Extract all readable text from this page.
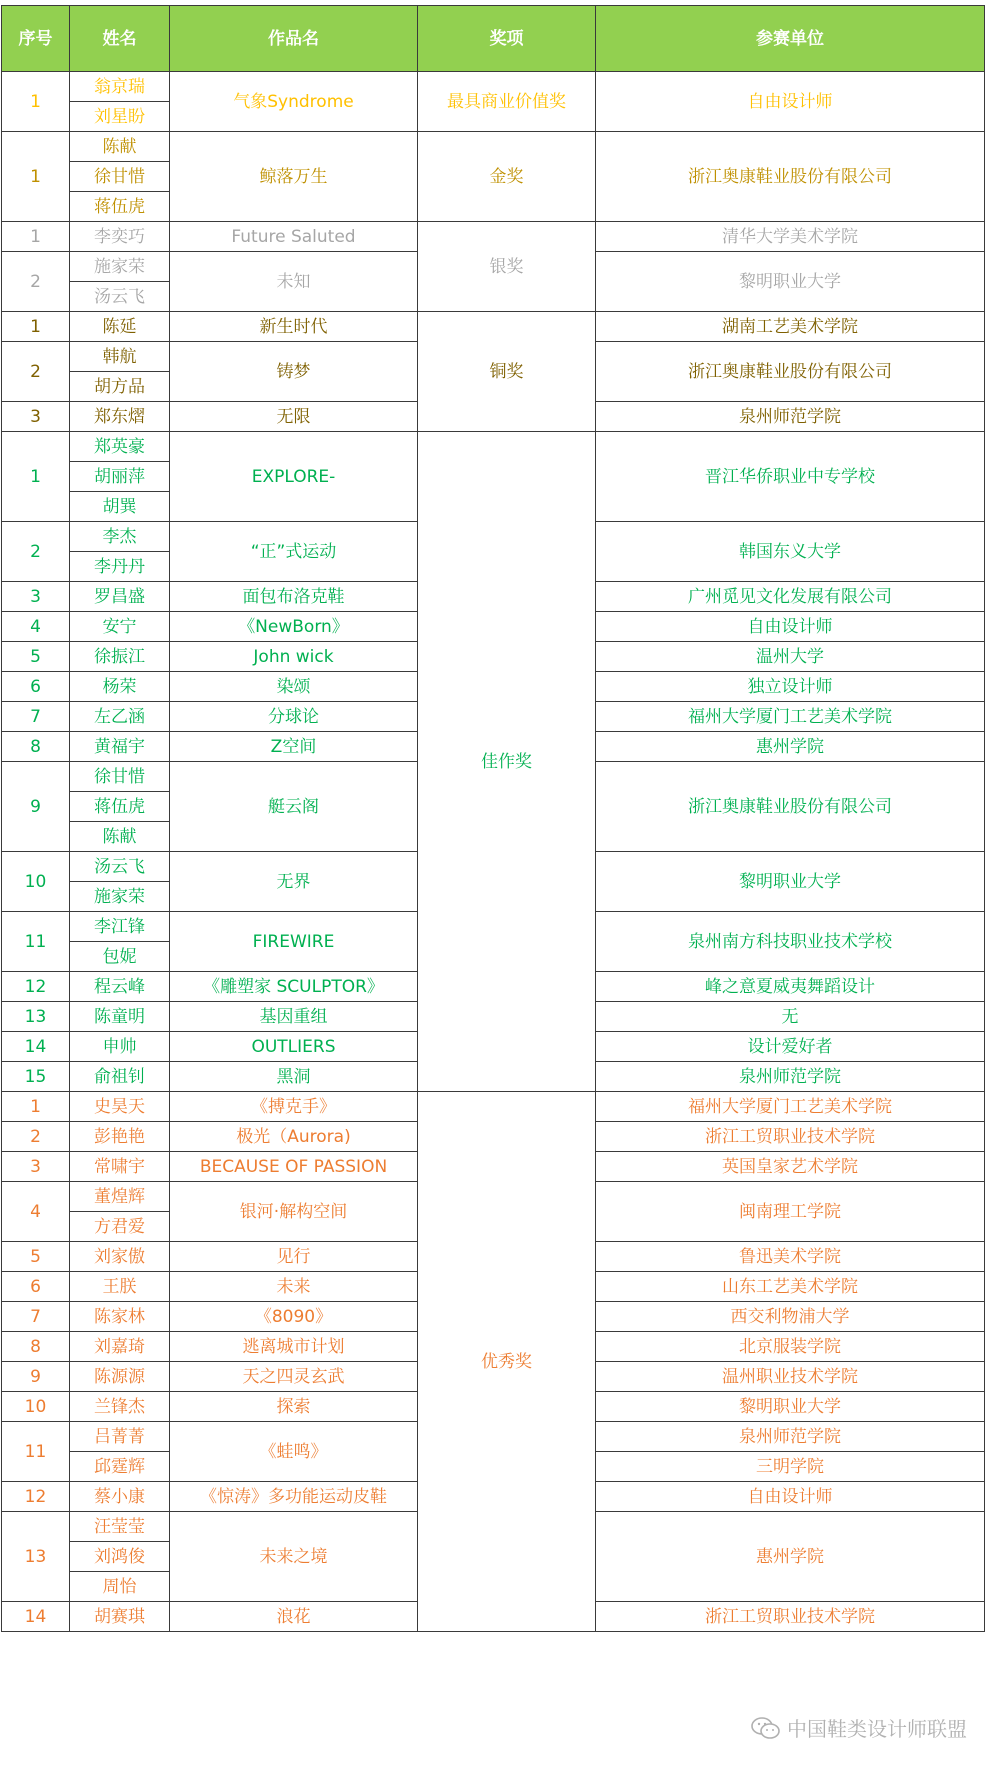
序号	姓名	作品名	奖项	参赛单位
1	翁京瑞	气象Syndrome	最具商业价值奖	自由设计师
	刘星盼			
1	陈献	鲸落万生	金奖	浙江奥康鞋业股份有限公司
	徐甘惜			
	蒋伍虎			
1	李奕巧	Future Saluted	银奖	清华大学美术学院
2	施家荣	未知		黎明职业大学
	汤云飞			
1	陈延	新生时代	铜奖	湖南工艺美术学院
2	韩航	铸梦		浙江奥康鞋业股份有限公司
	胡方品			
3	郑东熠	无限		泉州师范学院
1	郑英豪	EXPLORE-	佳作奖	晋江华侨职业中专学校
	胡丽萍			
	胡巽			
2	李杰	“正”式运动		韩国东义大学
	李丹丹			
3	罗昌盛	面包布洛克鞋		广州觅见文化发展有限公司
4	安宁	《NewBorn》		自由设计师
5	徐振江	John wick		温州大学
6	杨荣	染颂		独立设计师
7	左乙涵	分球论		福州大学厦门工艺美术学院
8	黄福宇	Z空间		惠州学院
9	徐甘惜	艇云阁		浙江奥康鞋业股份有限公司
	蒋伍虎			
	陈献			
10	汤云飞	无界		黎明职业大学
	施家荣			
11	李江锋	FIREWIRE		泉州南方科技职业技术学校
	包妮			
12	程云峰	《雕塑家 SCULPTOR》		峰之意夏威夷舞蹈设计
13	陈童明	基因重组		无
14	申帅	OUTLIERS		设计爱好者
15	俞祖钊	黑洞		泉州师范学院
1	史昊天	《搏克手》	优秀奖	福州大学厦门工艺美术学院
2	彭艳艳	极光（Aurora)		浙江工贸职业技术学院
3	常啸宇	BECAUSE OF PASSION		英国皇家艺术学院
4	董煌辉	银河·解构空间		闽南理工学院
	方君爱			
5	刘家傲	见行		鲁迅美术学院
6	王朕	未来		山东工艺美术学院
7	陈家林	《8090》		西交利物浦大学
8	刘嘉琦	逃离城市计划		北京服装学院
9	陈源源	天之四灵玄武		温州职业技术学院
10	兰锋杰	探索		黎明职业大学
11	吕菁菁	《蛙鸣》		泉州师范学院
	邱霆辉			三明学院
12	蔡小康	《惊涛》多功能运动皮鞋		自由设计师
13	汪莹莹	未来之境		惠州学院
	刘鸿俊			
	周怡			
14	胡赛琪	浪花		浙江工贸职业技术学院
中国鞋类设计师联盟
